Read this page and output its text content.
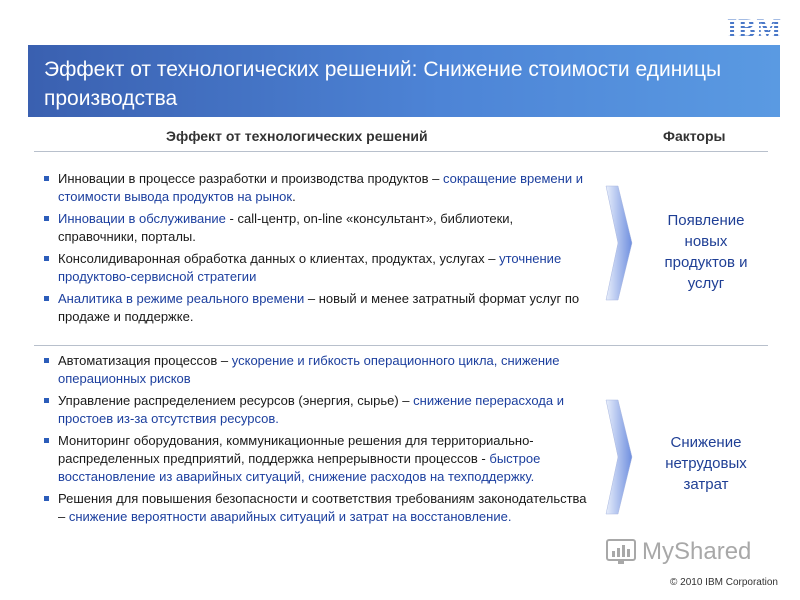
IBM
Эффект от технологических решений: Снижение стоимости единицы производства
Эффект от технологических решений	Факторы
Инновации в процессе разработки и производства продуктов – сокращение времени и стоимости вывода продуктов на рынок.
Инновации в обслуживание - call-центр, on-line «консультант», библиотеки, справочники, порталы.
Консолидиваронная обработка данных о клиентах, продуктах, услугах – уточнение продуктово-сервисной стратегии
Аналитика в режиме реального времени – новый и менее затратный формат услуг по продаже и поддержке.
Появление новых продуктов и услуг
Автоматизация процессов – ускорение и гибкость операционного цикла, снижение операционных рисков
Управление распределением ресурсов (энергия, сырье) – снижение перерасхода и простоев из-за отсутствия ресурсов.
Мониторинг оборудования, коммуникационные решения для территориально-распределенных предприятий, поддержка непрерывности процессов - быстрое восстановление из аварийных ситуаций, снижение расходов на техподдержку.
Решения для повышения безопасности и соответствия требованиям законодательства – снижение вероятности аварийных ситуаций и затрат на восстановление.
Снижение нетрудовых затрат
MyShared
© 2010 IBM Corporation
